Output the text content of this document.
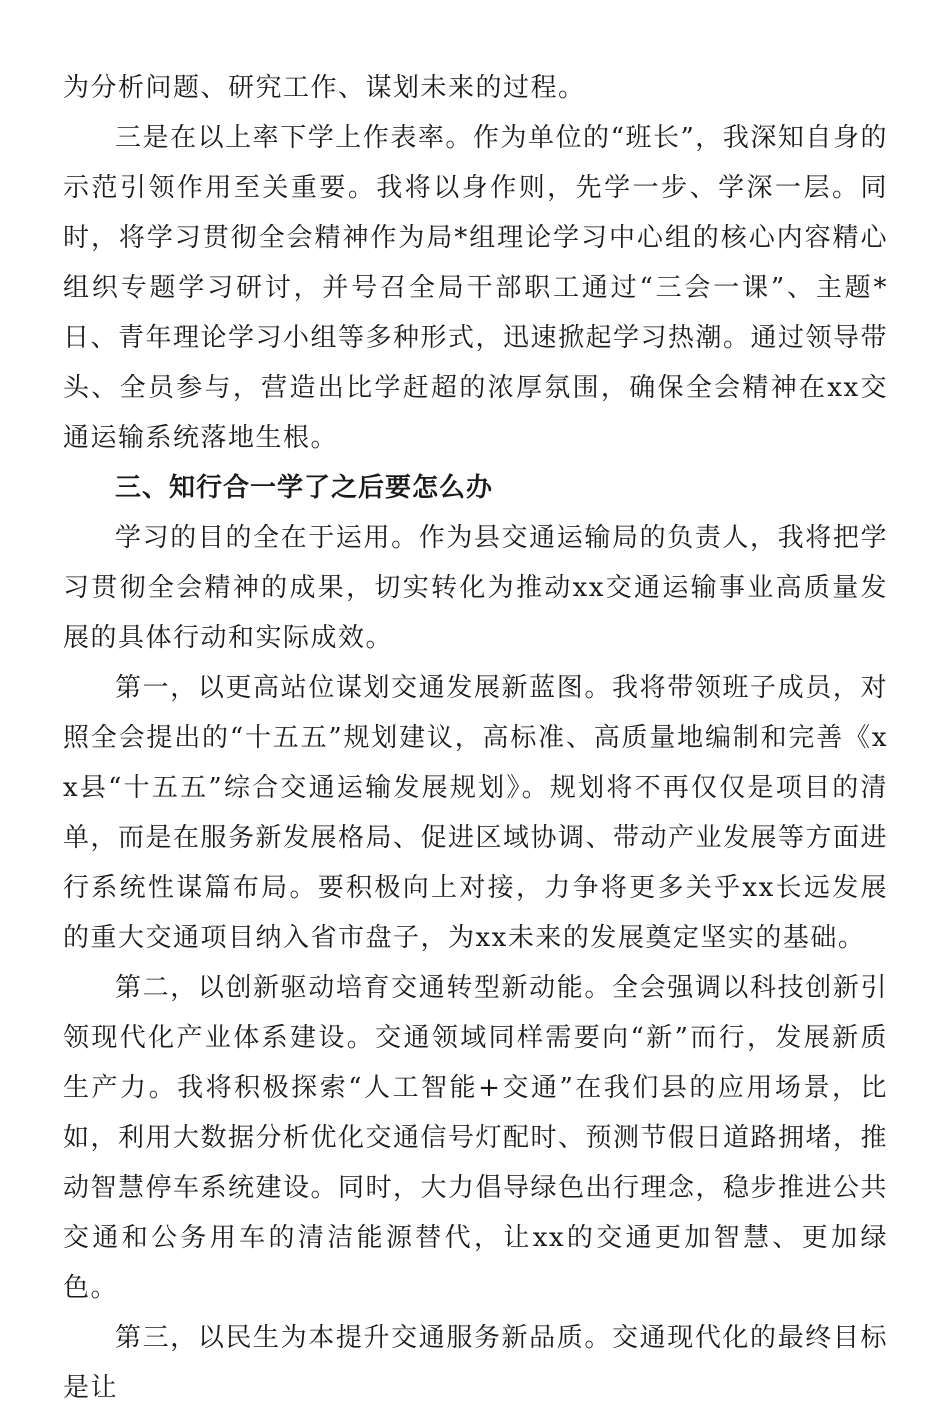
为分析问题、研究工作、谋划未来的过程。

三是在以上率下学上作表率。作为单位的“班长”，我深知自身的示范引领作用至关重要。我将以身作则，先学一步、学深一层。同时，将学习贯彻全会精神作为局*组理论学习中心组的核心内容精心组织专题学习研讨，并号召全局干部职工通过“三会一课”、主题*日、青年理论学习小组等多种形式，迅速掀起学习热潮。通过领导带头、全员参与，营造出比学赶超的浓厚氛围，确保全会精神在xx交通运输系统落地生根。

三、知行合一学了之后要怎么办

学习的目的全在于运用。作为县交通运输局的负责人，我将把学习贯彻全会精神的成果，切实转化为推动xx交通运输事业高质量发展的具体行动和实际成效。

第一，以更高站位谋划交通发展新蓝图。我将带领班子成员，对照全会提出的“十五五”规划建议，高标准、高质量地编制和完善《xx县“十五五”综合交通运输发展规划》。规划将不再仅仅是项目的清单，而是在服务新发展格局、促进区域协调、带动产业发展等方面进行系统性谋篇布局。要积极向上对接，力争将更多关乎xx长远发展的重大交通项目纳入省市盘子，为xx未来的发展奠定坚实的基础。

第二，以创新驱动培育交通转型新动能。全会强调以科技创新引领现代化产业体系建设。交通领域同样需要向“新”而行，发展新质生产力。我将积极探索“人工智能+交通”在我们县的应用场景，比如，利用大数据分析优化交通信号灯配时、预测节假日道路拥堵，推动智慧停车系统建设。同时，大力倡导绿色出行理念，稳步推进公共交通和公务用车的清洁能源替代，让xx的交通更加智慧、更加绿色。

第三，以民生为本提升交通服务新品质。交通现代化的最终目标是让
